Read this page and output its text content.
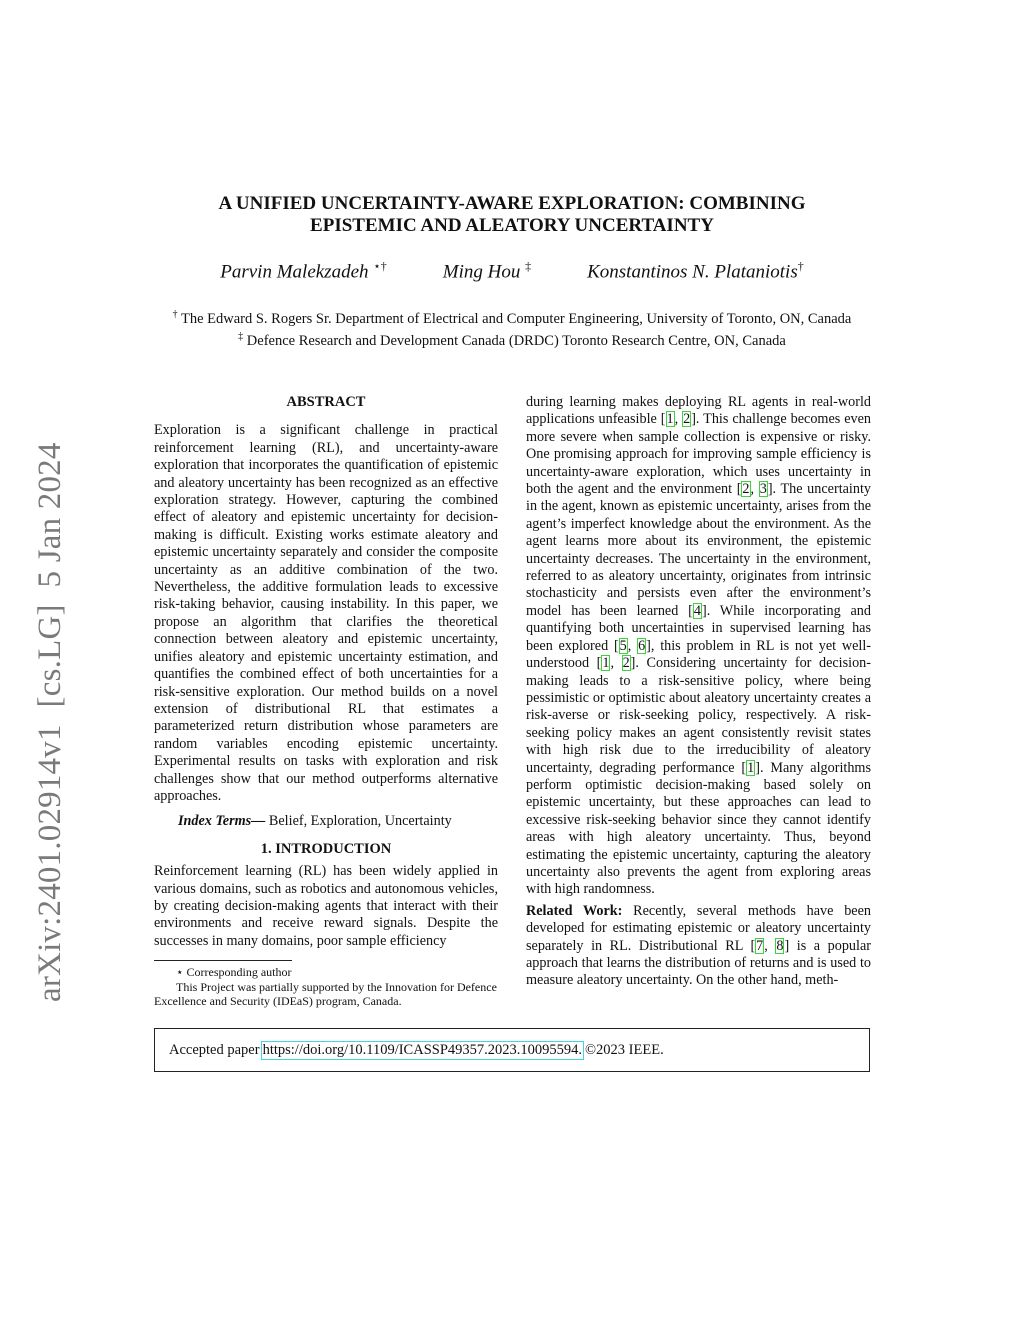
arXiv:2401.02914v1  [cs.LG]  5 Jan 2024
A UNIFIED UNCERTAINTY-AWARE EXPLORATION: COMBINING
EPISTEMIC AND ALEATORY UNCERTAINTY
Parvin Malekzadeh ⋆†	Ming Hou ‡	Konstantinos N. Plataniotis†
† The Edward S. Rogers Sr. Department of Electrical and Computer Engineering, University of Toronto, ON, Canada
‡ Defence Research and Development Canada (DRDC) Toronto Research Centre, ON, Canada
ABSTRACT

Exploration is a significant challenge in practical reinforcement learning (RL), and uncertainty-aware exploration that incorporates the quantification of epistemic and aleatory uncertainty has been recognized as an effective exploration strategy. However, capturing the combined effect of aleatory and epistemic uncertainty for decision-making is difficult. Existing works estimate aleatory and epistemic uncertainty separately and consider the composite uncertainty as an additive combination of the two. Nevertheless, the additive formulation leads to excessive risk-taking behavior, causing instability. In this paper, we propose an algorithm that clarifies the theoretical connection between aleatory and epistemic uncertainty, unifies aleatory and epistemic uncertainty estimation, and quantifies the combined effect of both uncertainties for a risk-sensitive exploration. Our method builds on a novel extension of distributional RL that estimates a parameterized return distribution whose parameters are random variables encoding epistemic uncertainty. Experimental results on tasks with exploration and risk challenges show that our method outperforms alternative approaches.

Index Terms— Belief, Exploration, Uncertainty

1. INTRODUCTION

Reinforcement learning (RL) has been widely applied in various domains, such as robotics and autonomous vehicles, by creating decision-making agents that interact with their environments and receive reward signals. Despite the successes in many domains, poor sample efficiency

⋆ Corresponding author

This Project was partially supported by the Innovation for Defence Excellence and Security (IDEaS) program, Canada.

during learning makes deploying RL agents in real-world applications unfeasible [1, 2]. This challenge becomes even more severe when sample collection is expensive or risky. One promising approach for improving sample efficiency is uncertainty-aware exploration, which uses uncertainty in both the agent and the environment [2, 3]. The uncertainty in the agent, known as epistemic uncertainty, arises from the agent’s imperfect knowledge about the environment. As the agent learns more about its environment, the epistemic uncertainty decreases. The uncertainty in the environment, referred to as aleatory uncertainty, originates from intrinsic stochasticity and persists even after the environment’s model has been learned [4]. While incorporating and quantifying both uncertainties in supervised learning has been explored [5, 6], this problem in RL is not yet well-understood [1, 2]. Considering uncertainty for decision-making leads to a risk-sensitive policy, where being pessimistic or optimistic about aleatory uncertainty creates a risk-averse or risk-seeking policy, respectively. A risk-seeking policy makes an agent consistently revisit states with high risk due to the irreducibility of aleatory uncertainty, degrading performance [1]. Many algorithms perform optimistic decision-making based solely on epistemic uncertainty, but these approaches can lead to excessive risk-seeking behavior since they cannot identify areas with high aleatory uncertainty. Thus, beyond estimating the epistemic uncertainty, capturing the aleatory uncertainty also prevents the agent from exploring areas with high randomness.

Related Work: Recently, several methods have been developed for estimating epistemic or aleatory uncertainty separately in RL. Distributional RL [7, 8] is a popular approach that learns the distribution of returns and is used to measure aleatory uncertainty. On the other hand, meth-

Accepted paper https://doi.org/10.1109/ICASSP49357.2023.10095594. ©2023 IEEE.
